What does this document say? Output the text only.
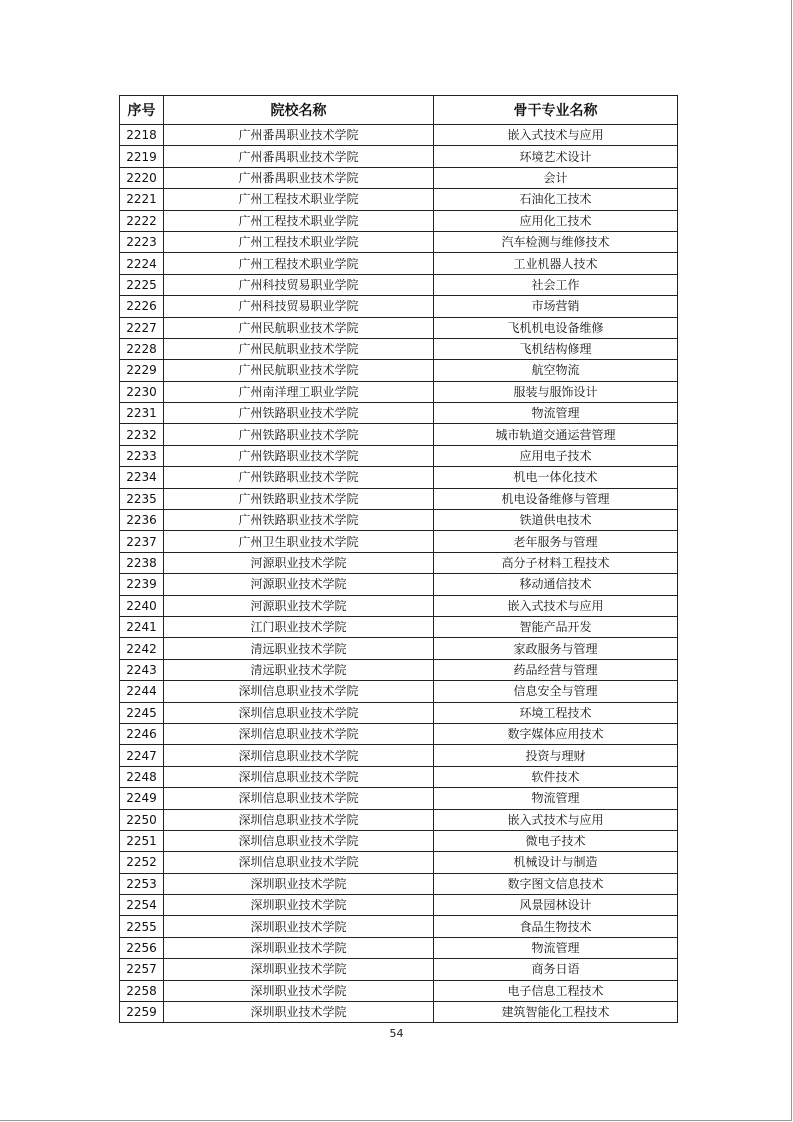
序号	院校名称	骨干专业名称
2218	广州番禺职业技术学院	嵌入式技术与应用
2219	广州番禺职业技术学院	环境艺术设计
2220	广州番禺职业技术学院	会计
2221	广州工程技术职业学院	石油化工技术
2222	广州工程技术职业学院	应用化工技术
2223	广州工程技术职业学院	汽车检测与维修技术
2224	广州工程技术职业学院	工业机器人技术
2225	广州科技贸易职业学院	社会工作
2226	广州科技贸易职业学院	市场营销
2227	广州民航职业技术学院	飞机机电设备维修
2228	广州民航职业技术学院	飞机结构修理
2229	广州民航职业技术学院	航空物流
2230	广州南洋理工职业学院	服装与服饰设计
2231	广州铁路职业技术学院	物流管理
2232	广州铁路职业技术学院	城市轨道交通运营管理
2233	广州铁路职业技术学院	应用电子技术
2234	广州铁路职业技术学院	机电一体化技术
2235	广州铁路职业技术学院	机电设备维修与管理
2236	广州铁路职业技术学院	铁道供电技术
2237	广州卫生职业技术学院	老年服务与管理
2238	河源职业技术学院	高分子材料工程技术
2239	河源职业技术学院	移动通信技术
2240	河源职业技术学院	嵌入式技术与应用
2241	江门职业技术学院	智能产品开发
2242	清远职业技术学院	家政服务与管理
2243	清远职业技术学院	药品经营与管理
2244	深圳信息职业技术学院	信息安全与管理
2245	深圳信息职业技术学院	环境工程技术
2246	深圳信息职业技术学院	数字媒体应用技术
2247	深圳信息职业技术学院	投资与理财
2248	深圳信息职业技术学院	软件技术
2249	深圳信息职业技术学院	物流管理
2250	深圳信息职业技术学院	嵌入式技术与应用
2251	深圳信息职业技术学院	微电子技术
2252	深圳信息职业技术学院	机械设计与制造
2253	深圳职业技术学院	数字图文信息技术
2254	深圳职业技术学院	风景园林设计
2255	深圳职业技术学院	食品生物技术
2256	深圳职业技术学院	物流管理
2257	深圳职业技术学院	商务日语
2258	深圳职业技术学院	电子信息工程技术
2259	深圳职业技术学院	建筑智能化工程技术
54
